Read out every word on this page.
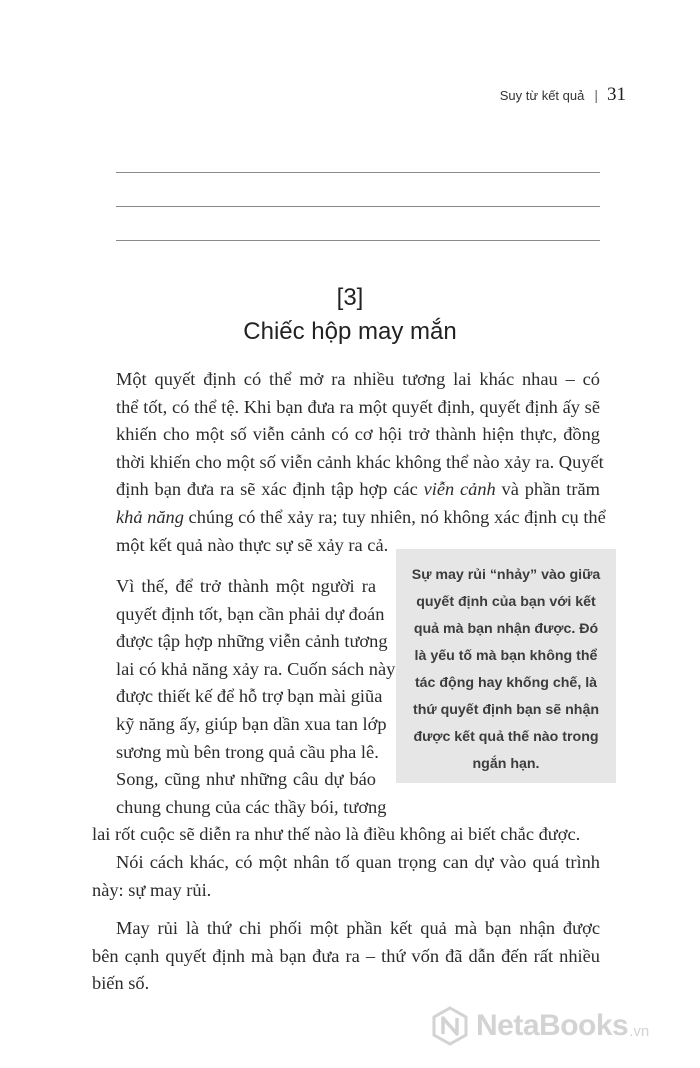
Suy từ kết quả | 31
[3]
Chiếc hộp may mắn
Một quyết định có thể mở ra nhiều tương lai khác nhau – có
thể tốt, có thể tệ. Khi bạn đưa ra một quyết định, quyết định ấy sẽ
khiến cho một số viễn cảnh có cơ hội trở thành hiện thực, đồng
thời khiến cho một số viễn cảnh khác không thể nào xảy ra. Quyết
định bạn đưa ra sẽ xác định tập hợp các viễn cảnh và phần trăm
khả năng chúng có thể xảy ra; tuy nhiên, nó không xác định cụ thể
một kết quả nào thực sự sẽ xảy ra cả.
Vì thế, để trở thành một người ra
quyết định tốt, bạn cần phải dự đoán
được tập hợp những viễn cảnh tương
lai có khả năng xảy ra. Cuốn sách này
được thiết kế để hỗ trợ bạn mài giũa
kỹ năng ấy, giúp bạn dần xua tan lớp
sương mù bên trong quả cầu pha lê.
Song, cũng như những câu dự báo
chung chung của các thầy bói, tương
lai rốt cuộc sẽ diễn ra như thế nào là điều không ai biết chắc được.
Nói cách khác, có một nhân tố quan trọng can dự vào quá trình
này: sự may rủi.
May rủi là thứ chi phối một phần kết quả mà bạn nhận được
bên cạnh quyết định mà bạn đưa ra – thứ vốn đã dẫn đến rất nhiều
biến số.
Sự may rủi “nhảy” vào giữa
quyết định của bạn với kết
quả mà bạn nhận được. Đó
là yếu tố mà bạn không thể
tác động hay khống chế, là
thứ quyết định bạn sẽ nhận
được kết quả thế nào trong
ngắn hạn.
NetaBooks .vn
